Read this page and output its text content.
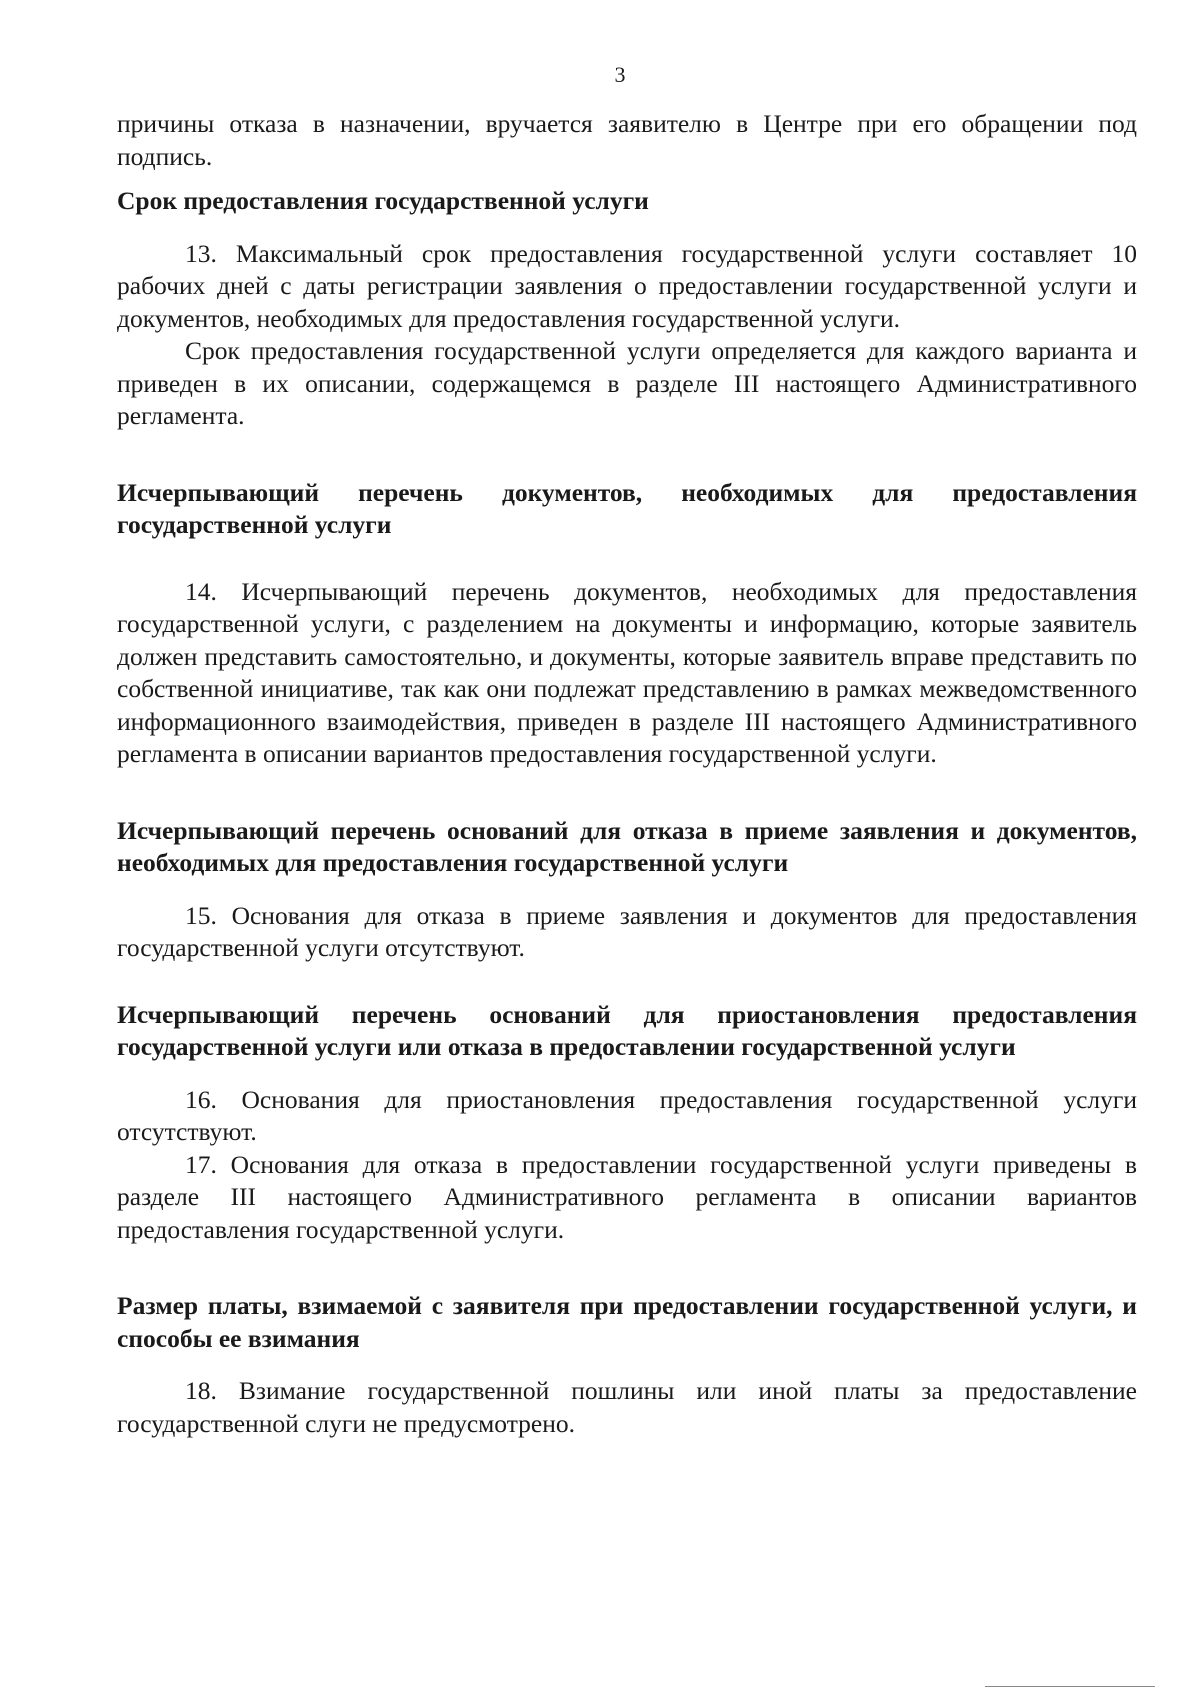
3

причины отказа в назначении, вручается заявителю в Центре при его обращении под подпись.

Срок предоставления государственной услуги

13. Максимальный срок предоставления государственной услуги составляет 10 рабочих дней с даты регистрации заявления о предоставлении государственной услуги и документов, необходимых для предоставления государственной услуги.

Срок предоставления государственной услуги определяется для каждого варианта и приведен в их описании, содержащемся в разделе III настоящего Административного регламента.

Исчерпывающий перечень документов, необходимых для предоставления государственной услуги

14. Исчерпывающий перечень документов, необходимых для предоставления государственной услуги, с разделением на документы и информацию, которые заявитель должен представить самостоятельно, и документы, которые заявитель вправе представить по собственной инициативе, так как они подлежат представлению в рамках межведомственного информационного взаимодействия, приведен в разделе III настоящего Административного регламента в описании вариантов предоставления государственной услуги.

Исчерпывающий перечень оснований для отказа в приеме заявления и документов, необходимых для предоставления государственной услуги

15. Основания для отказа в приеме заявления и документов для предоставления государственной услуги отсутствуют.

Исчерпывающий перечень оснований для приостановления предоставления государственной услуги или отказа в предоставлении государственной услуги

16. Основания для приостановления предоставления государственной услуги отсутствуют.

17. Основания для отказа в предоставлении государственной услуги приведены в разделе III настоящего Административного регламента в описании вариантов предоставления государственной услуги.

Размер платы, взимаемой с заявителя при предоставлении государственной услуги, и способы ее взимания

18. Взимание государственной пошлины или иной платы за предоставление государственной слуги не предусмотрено.
